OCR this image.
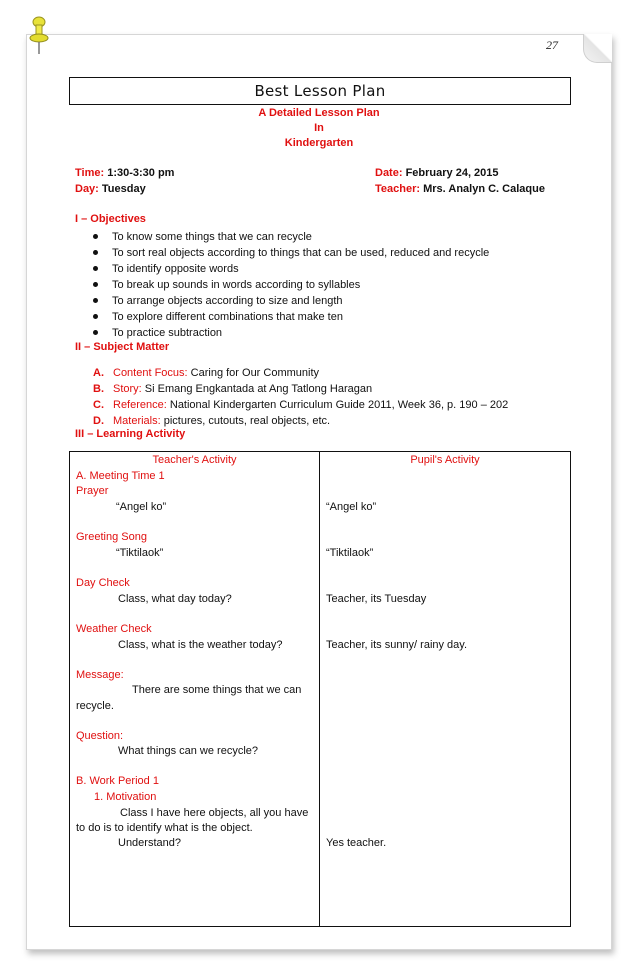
27
Best Lesson Plan
A Detailed Lesson Plan
In
Kindergarten
Time: 1:30-3:30 pm
Day: Tuesday
Date: February 24, 2015
Teacher: Mrs. Analyn C. Calaque
I – Objectives
To know some things that we can recycle
To sort real objects according to things that can be used, reduced and recycle
To identify opposite words
To break up sounds in words according to syllables
To arrange objects according to size and length
To explore different combinations that make ten
To practice subtraction
II – Subject Matter
A. Content Focus: Caring for Our Community
B. Story: Si Emang Engkantada at Ang Tatlong Haragan
C. Reference: National Kindergarten Curriculum Guide 2011, Week 36, p. 190 – 202
D. Materials: pictures, cutouts, real objects, etc.
III – Learning Activity
Teacher's Activity	Pupil's Activity
A. Meeting Time 1
Prayer
“Angel ko”	“Angel ko”
Greeting Song
“Tiktilaok”	“Tiktilaok”
Day Check
Class, what day today?	Teacher, its Tuesday
Weather Check
Class, what is the weather today?	Teacher, its sunny/ rainy day.
Message:
There are some things that we can
recycle.
Question:
What things can we recycle?
B. Work Period 1
1. Motivation
Class I have here objects, all you have
to do is to identify what is the object.
Understand?	Yes teacher.
